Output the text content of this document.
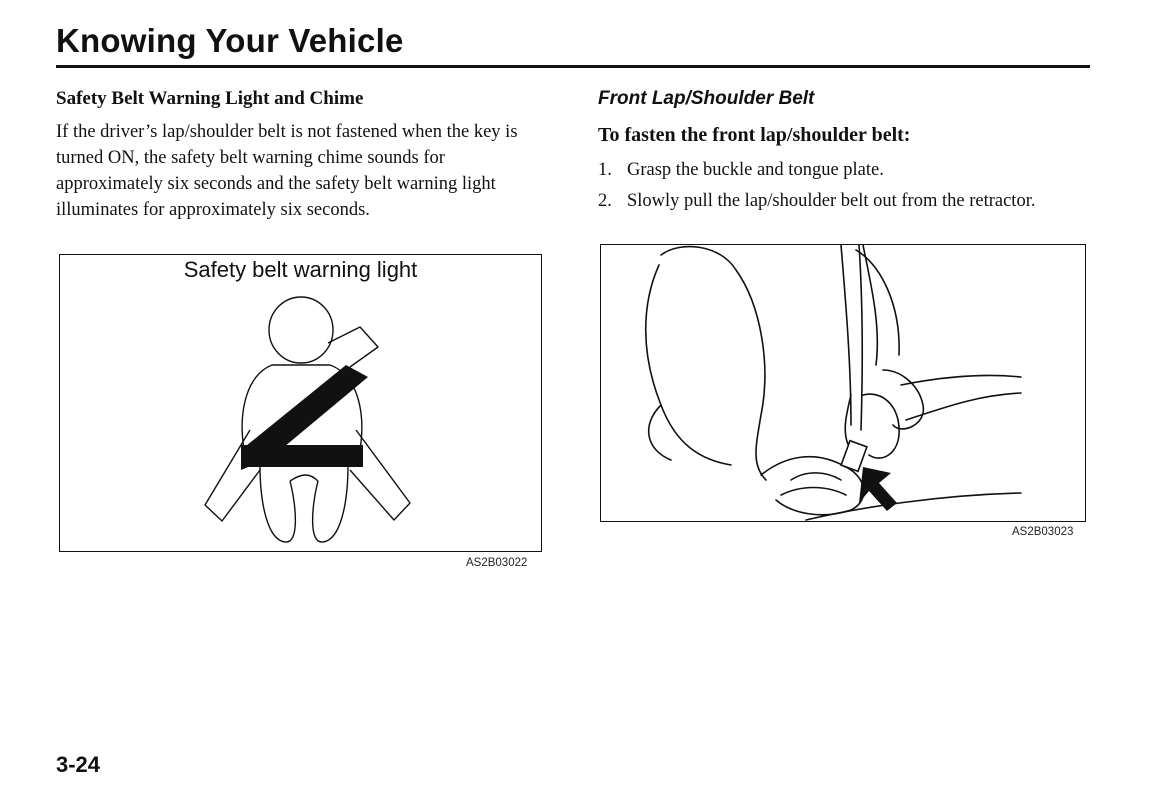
Knowing Your Vehicle
Safety Belt Warning Light and Chime

If the driver’s lap/shoulder belt is not fastened when the key is turned ON, the safety belt warning chime sounds for approximately six seconds and the safety belt warning light illuminates for approximately six seconds.

Safety belt warning light
AS2B03022
Front Lap/Shoulder Belt
To fasten the front lap/shoulder belt:
1. Grasp the buckle and tongue plate.
2. Slowly pull the lap/shoulder belt out from the retractor.
AS2B03023
3-24
